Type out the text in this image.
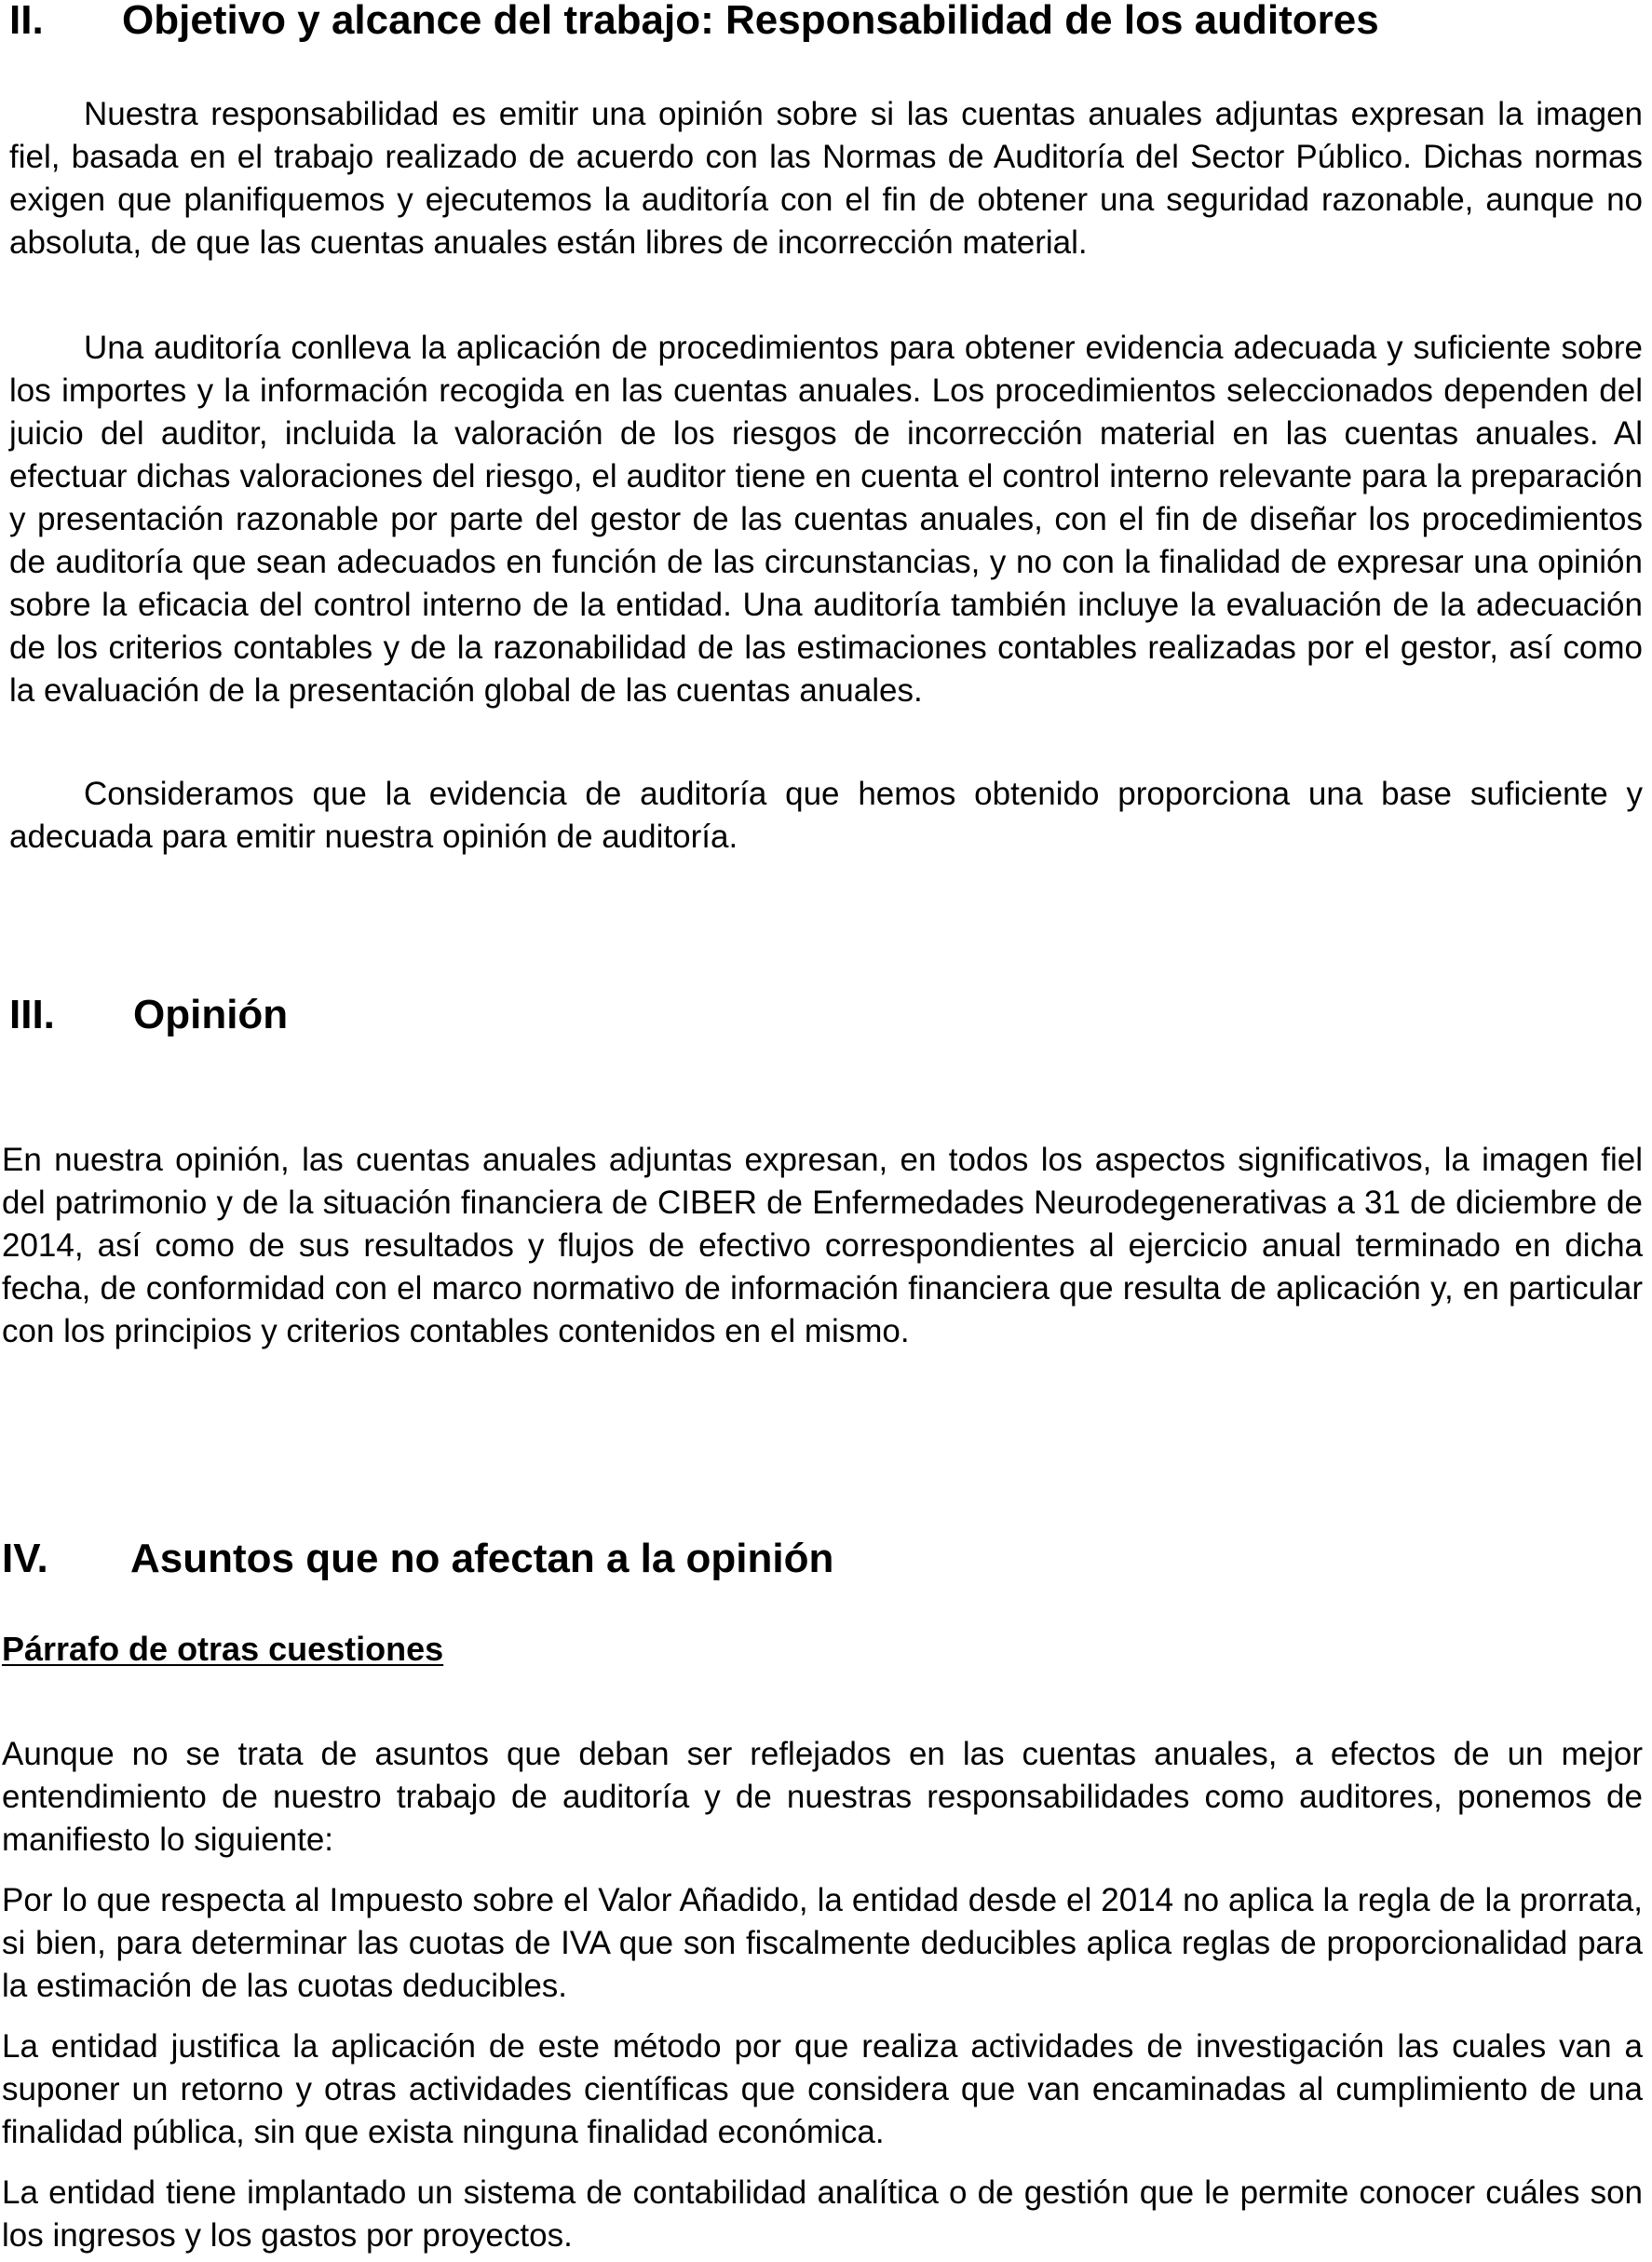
II. Objetivo y alcance del trabajo: Responsabilidad de los auditores

Nuestra responsabilidad es emitir una opinión sobre si las cuentas anuales adjuntas expresan la imagen fiel, basada en el trabajo realizado de acuerdo con las Normas de Auditoría del Sector Público. Dichas normas exigen que planifiquemos y ejecutemos la auditoría con el fin de obtener una seguridad razonable, aunque no absoluta, de que las cuentas anuales están libres de incorrección material.

Una auditoría conlleva la aplicación de procedimientos para obtener evidencia adecuada y suficiente sobre los importes y la información recogida en las cuentas anuales. Los procedimientos seleccionados dependen del juicio del auditor, incluida la valoración de los riesgos de incorrección material en las cuentas anuales. Al efectuar dichas valoraciones del riesgo, el auditor tiene en cuenta el control interno relevante para la preparación y presentación razonable por parte del gestor de las cuentas anuales, con el fin de diseñar los procedimientos de auditoría que sean adecuados en función de las circunstancias, y no con la finalidad de expresar una opinión sobre la eficacia del control interno de la entidad. Una auditoría también incluye la evaluación de la adecuación de los criterios contables y de la razonabilidad de las estimaciones contables realizadas por el gestor, así como la evaluación de la presentación global de las cuentas anuales.

Consideramos que la evidencia de auditoría que hemos obtenido proporciona una base suficiente y adecuada para emitir nuestra opinión de auditoría.

III. Opinión

En nuestra opinión, las cuentas anuales adjuntas expresan, en todos los aspectos significativos, la imagen fiel del patrimonio y de la situación financiera de CIBER de Enfermedades Neurodegenerativas a 31 de diciembre de 2014, así como de sus resultados y flujos de efectivo correspondientes al ejercicio anual terminado en dicha fecha, de conformidad con el marco normativo de información financiera que resulta de aplicación y, en particular con los principios y criterios contables contenidos en el mismo.

IV. Asuntos que no afectan a la opinión
Párrafo de otras cuestiones

Aunque no se trata de asuntos que deban ser reflejados en las cuentas anuales, a efectos de un mejor entendimiento de nuestro trabajo de auditoría y de nuestras responsabilidades como auditores, ponemos de manifiesto lo siguiente:

Por lo que respecta al Impuesto sobre el Valor Añadido, la entidad desde el 2014 no aplica la regla de la prorrata, si bien, para determinar las cuotas de IVA que son fiscalmente deducibles aplica reglas de proporcionalidad para la estimación de las cuotas deducibles.

La entidad justifica la aplicación de este método por que realiza actividades de investigación las cuales van a suponer un retorno y otras actividades científicas que considera que van encaminadas al cumplimiento de una finalidad pública, sin que exista ninguna finalidad económica.

La entidad tiene implantado un sistema de contabilidad analítica o de gestión que le permite conocer cuáles son los ingresos y los gastos por proyectos.
